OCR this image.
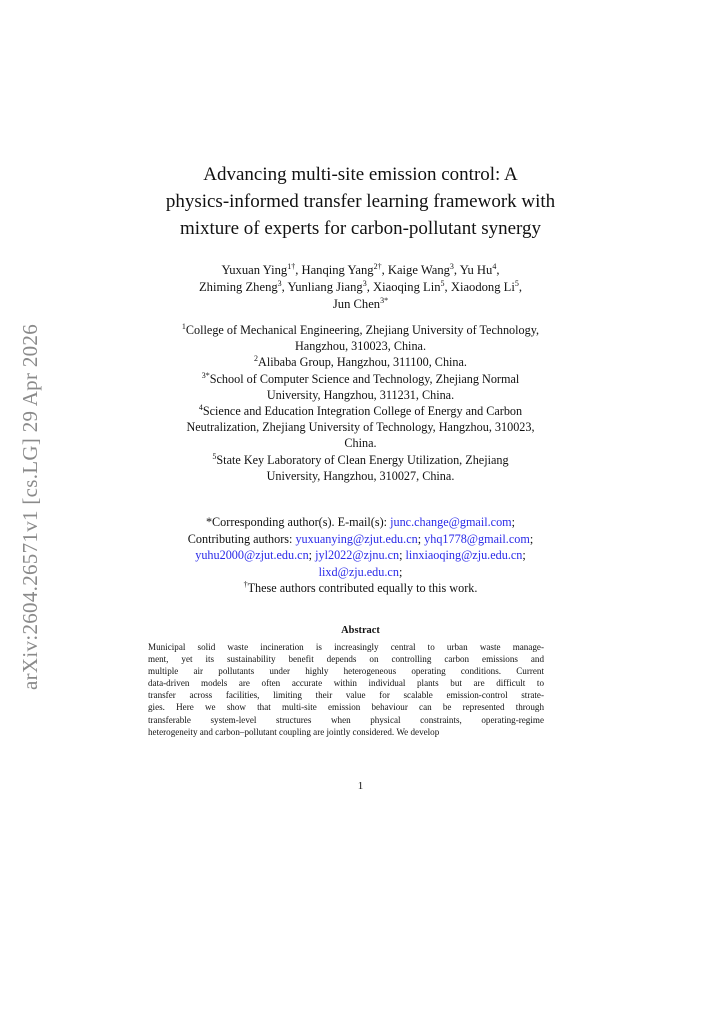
arXiv:2604.26571v1 [cs.LG] 29 Apr 2026
Advancing multi-site emission control: A
physics-informed transfer learning framework with
mixture of experts for carbon-pollutant synergy
Yuxuan Ying$^{1\dagger}$, Hanqing Yang$^{2\dagger}$, Kaige Wang$^3$, Yu Hu$^4$,
Zhiming Zheng$^3$, Yunliang Jiang$^3$, Xiaoqing Lin$^5$, Xiaodong Li$^5$,
Jun Chen$^{3*}$
$^1$College of Mechanical Engineering, Zhejiang University of Technology,
Hangzhou, 310023, China.
$^2$Alibaba Group, Hangzhou, 311100, China.
$^{3*}$School of Computer Science and Technology, Zhejiang Normal
University, Hangzhou, 311231, China.
$^4$Science and Education Integration College of Energy and Carbon
Neutralization, Zhejiang University of Technology, Hangzhou, 310023,
China.
$^5$State Key Laboratory of Clean Energy Utilization, Zhejiang
University, Hangzhou, 310027, China.
*Corresponding author(s). E-mail(s): junc.change@gmail.com;
Contributing authors: yuxuanying@zjut.edu.cn; yhq1778@gmail.com;
yuhu2000@zjut.edu.cn; jyl2022@zjnu.cn; linxiaoqing@zju.edu.cn;
lixd@zju.edu.cn;
†These authors contributed equally to this work.
Abstract
Municipal solid waste incineration is increasingly central to urban waste manage-
ment, yet its sustainability benefit depends on controlling carbon emissions and
multiple air pollutants under highly heterogeneous operating conditions. Current
data-driven models are often accurate within individual plants but are difficult to
transfer across facilities, limiting their value for scalable emission-control strate-
gies. Here we show that multi-site emission behaviour can be represented through
transferable system-level structures when physical constraints, operating-regime
heterogeneity and carbon–pollutant coupling are jointly considered. We develop
1
